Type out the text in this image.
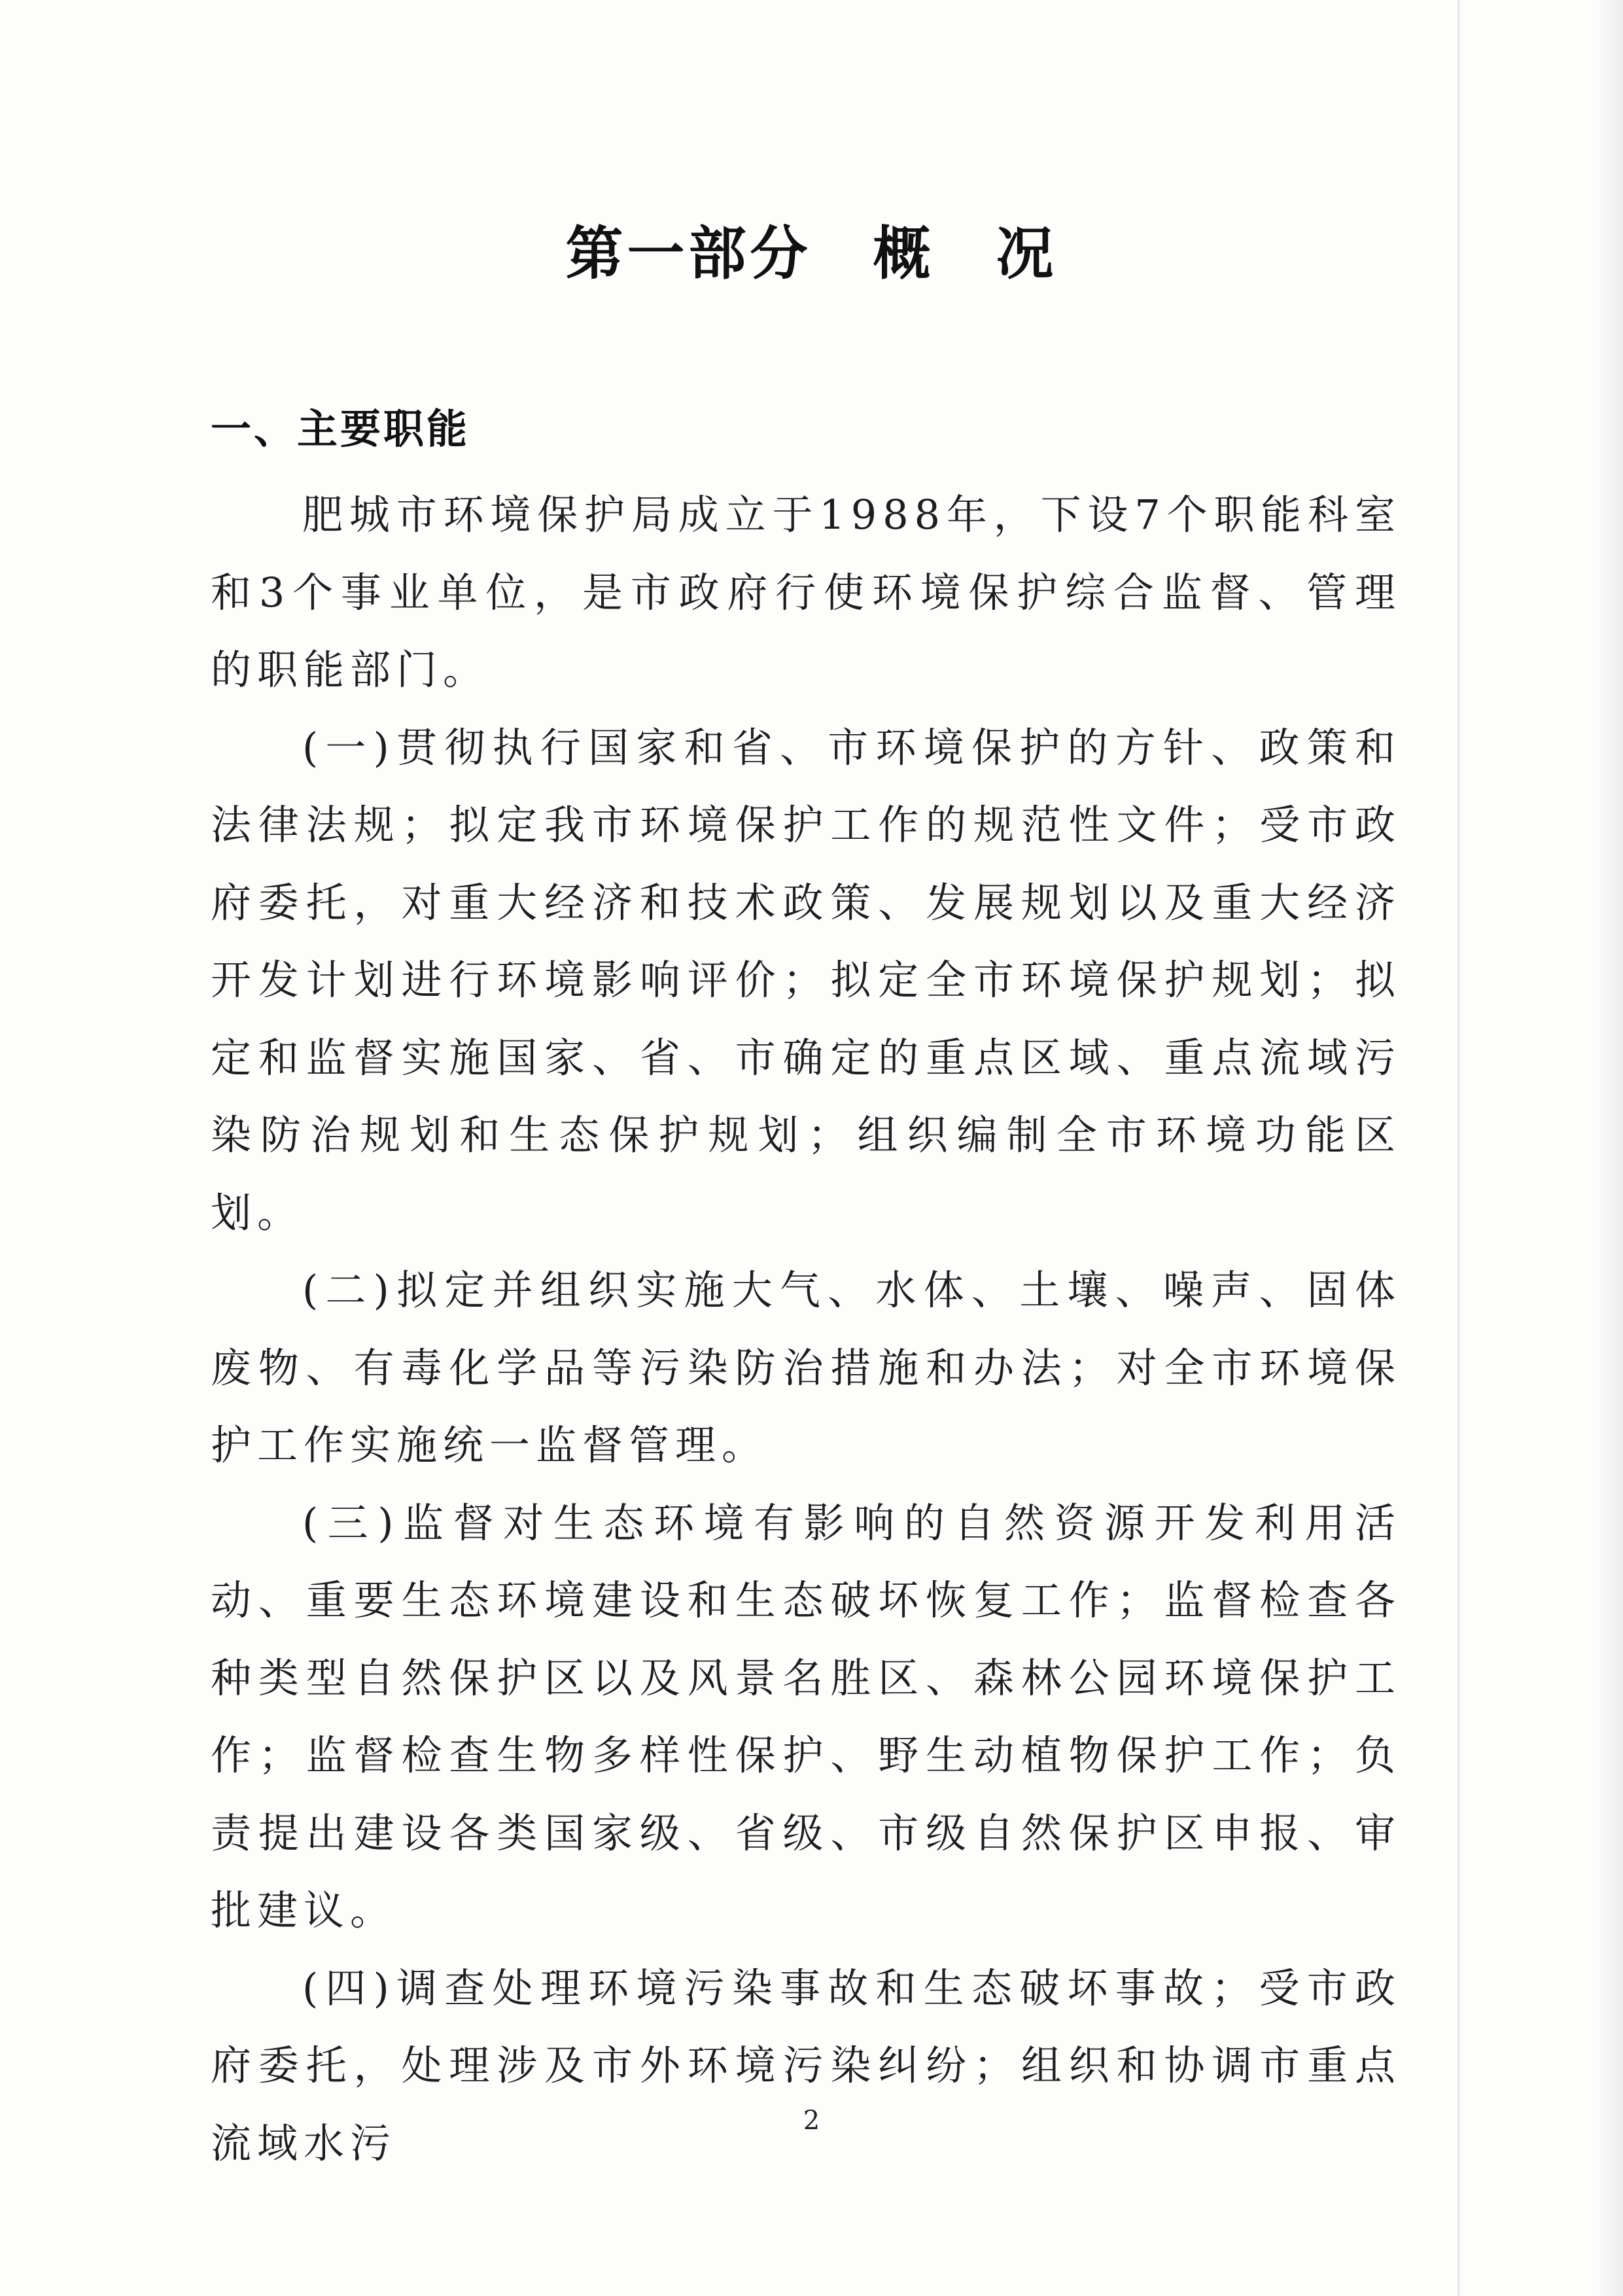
第一部分　概　况
一、主要职能

肥城市环境保护局成立于1988年，下设7个职能科室和3个事业单位，是市政府行使环境保护综合监督、管理的职能部门。

(一)贯彻执行国家和省、市环境保护的方针、政策和法律法规；拟定我市环境保护工作的规范性文件；受市政府委托，对重大经济和技术政策、发展规划以及重大经济开发计划进行环境影响评价；拟定全市环境保护规划；拟定和监督实施国家、省、市确定的重点区域、重点流域污染防治规划和生态保护规划；组织编制全市环境功能区划。

(二)拟定并组织实施大气、水体、土壤、噪声、固体废物、有毒化学品等污染防治措施和办法；对全市环境保护工作实施统一监督管理。

(三)监督对生态环境有影响的自然资源开发利用活动、重要生态环境建设和生态破坏恢复工作；监督检查各种类型自然保护区以及风景名胜区、森林公园环境保护工作；监督检查生物多样性保护、野生动植物保护工作；负责提出建设各类国家级、省级、市级自然保护区申报、审批建议。

(四)调查处理环境污染事故和生态破坏事故；受市政府委托，处理涉及市外环境污染纠纷；组织和协调市重点流域水污	2
